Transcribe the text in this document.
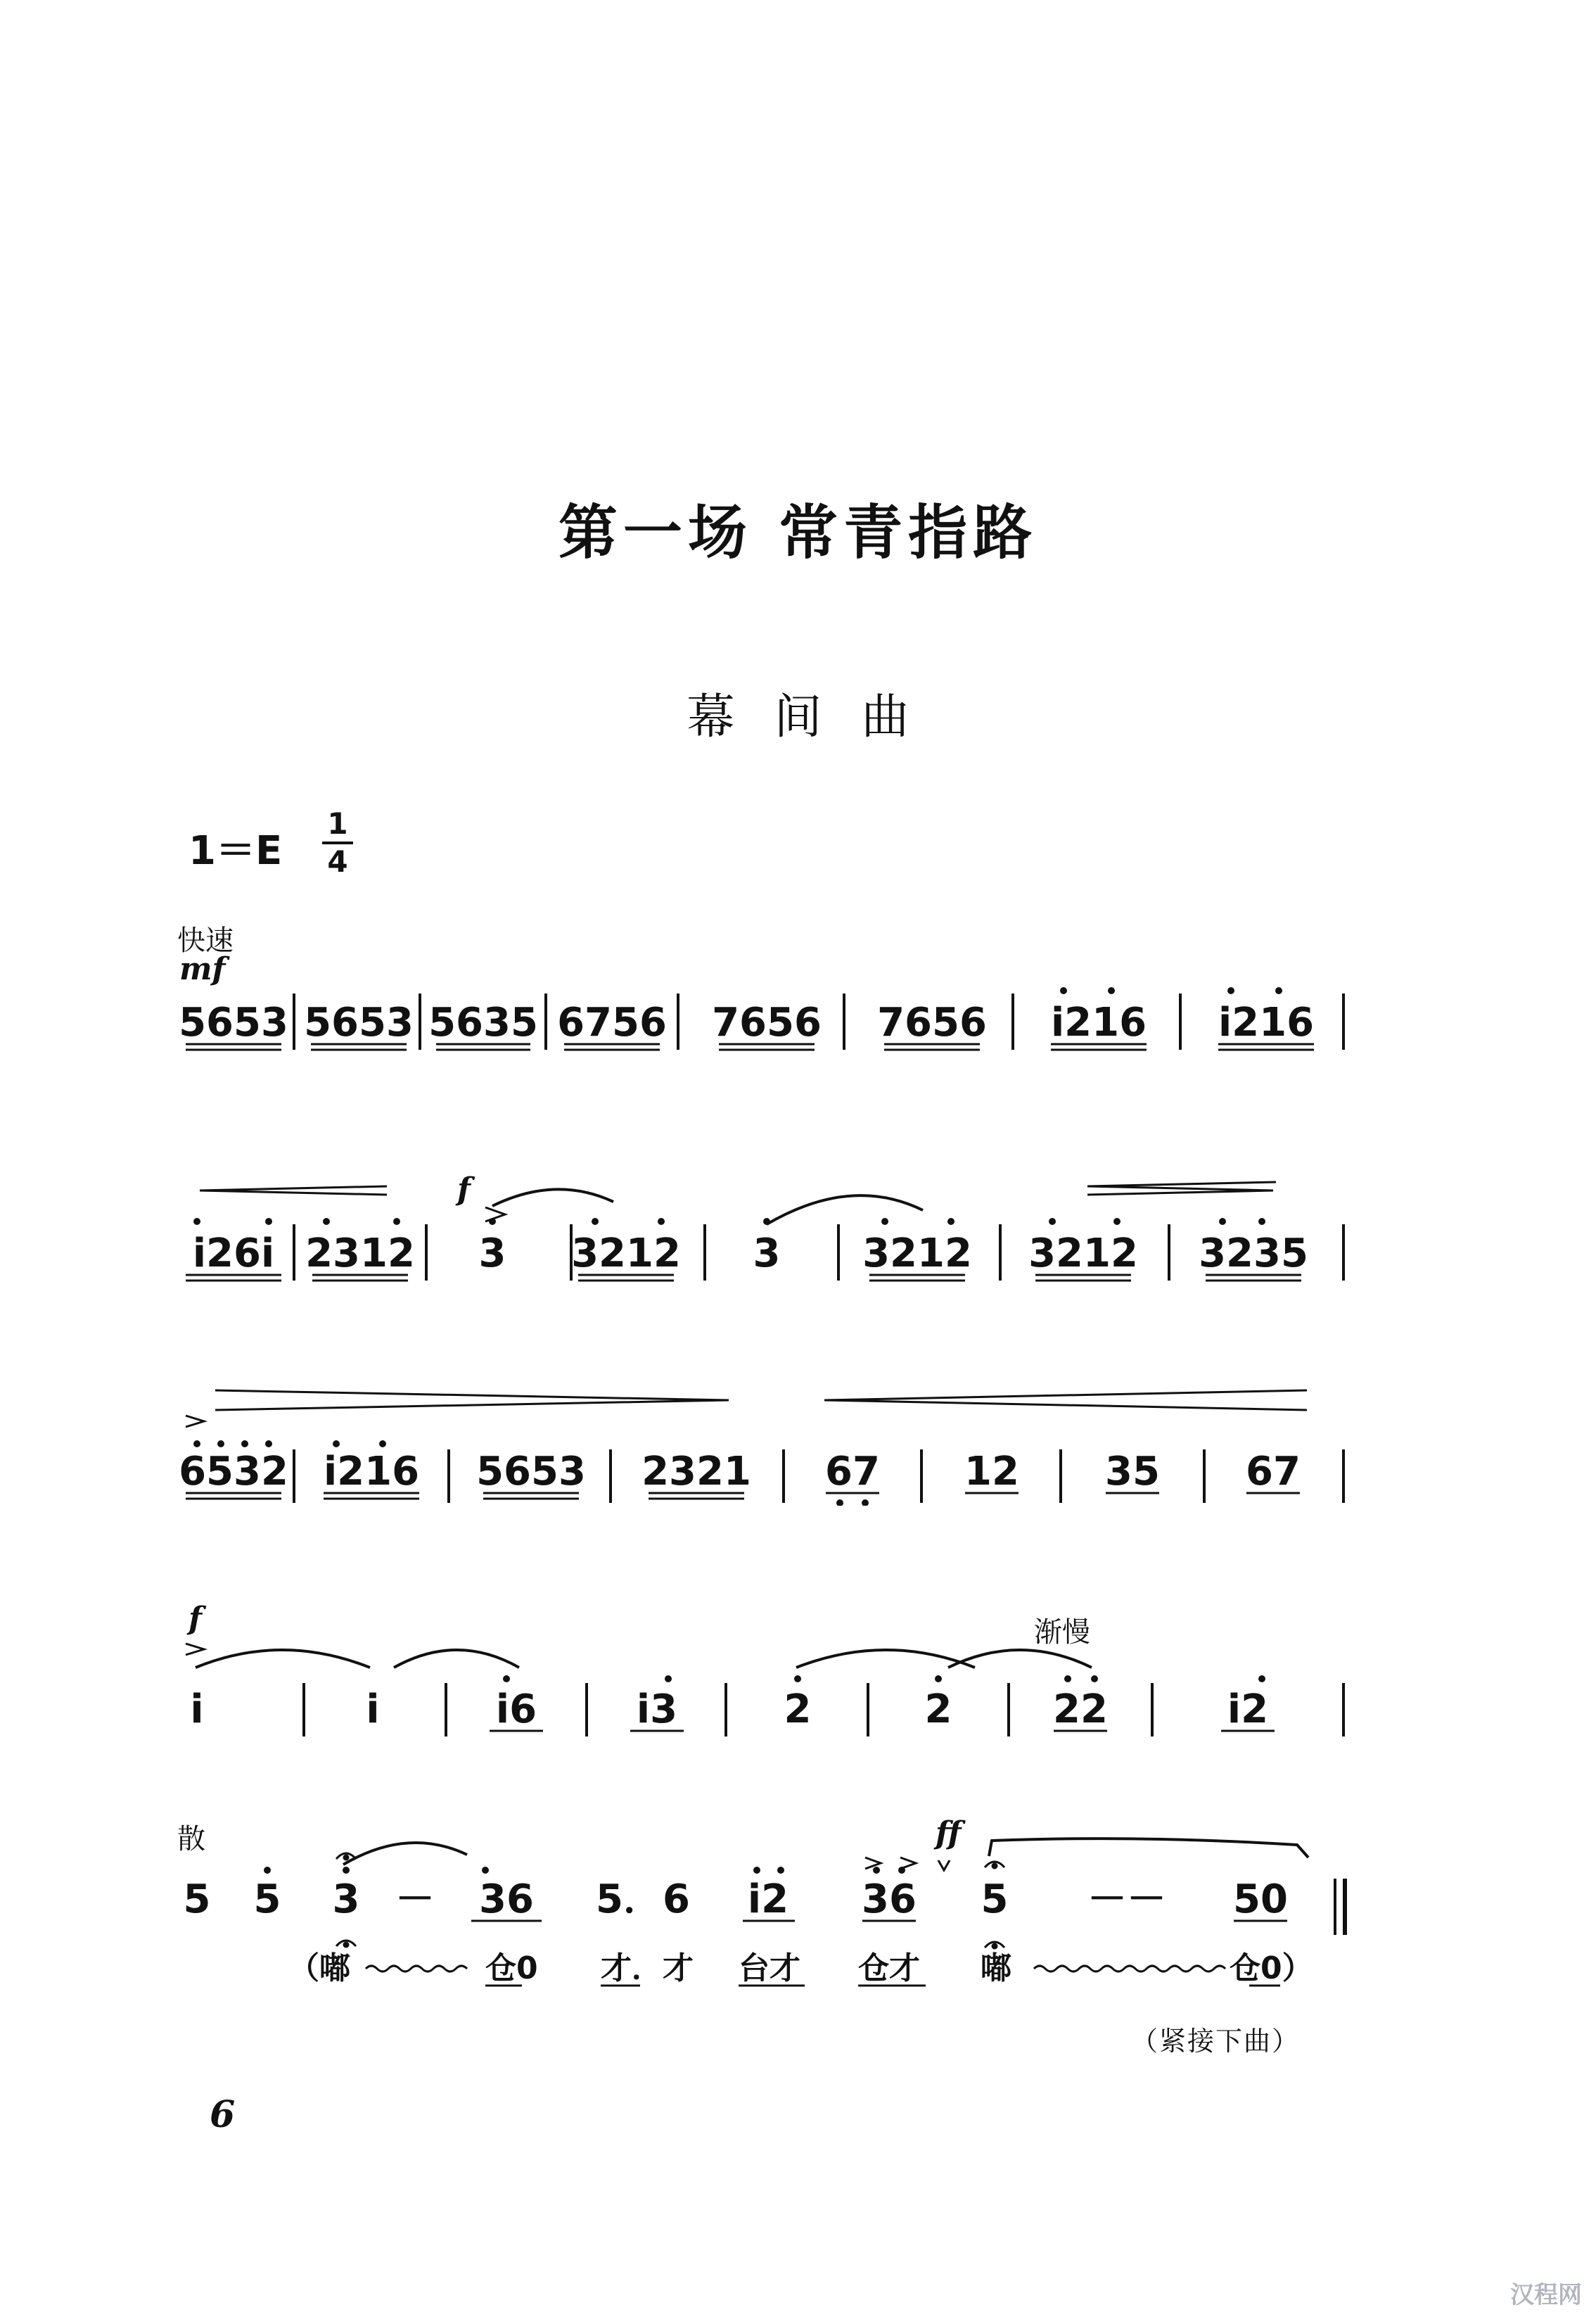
第一场 常青指路
幕间曲
$1=E \frac{1}{4}$
快速
mf
5653 5653 5635 6756 7656 7656 i216 i216
f
i26i 2312 3 3212 3 3212 3212 3235
6532 i216 5653 2321 67 12 35 67
f	渐慢
i	i	i6	i3	2	2	22	i2
散	ff
5 5 3 － 36 5．6 i2 36 5 －－ 50
（嘟	仓0 才．才 台才 仓才 嘟	仓0）
（紧接下曲）
6
汉程网
